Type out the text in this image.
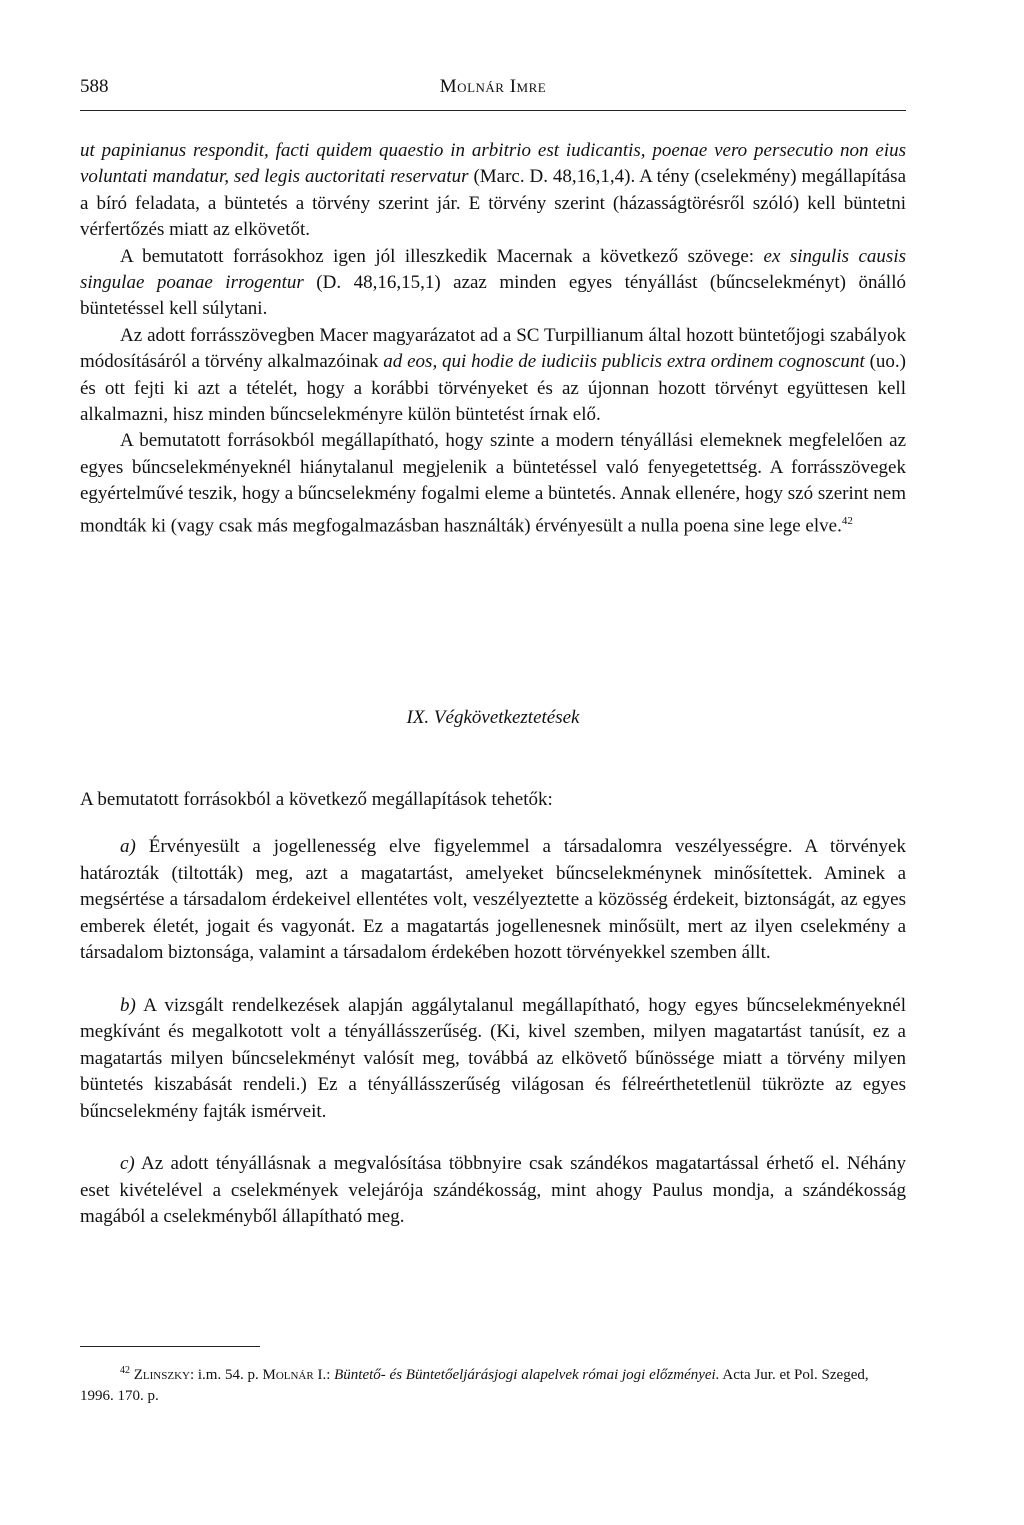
588	Molnár Imre

ut papinianus respondit, facti quidem quaestio in arbitrio est iudicantis, poenae vero persecutio non eius voluntati mandatur, sed legis auctoritati reservatur (Marc. D. 48,16,1,4). A tény (cselekmény) megállapítása a bíró feladata, a büntetés a törvény szerint jár. E törvény szerint (házasságtörésről szóló) kell büntetni vérfertőzés miatt az elkövetőt.

A bemutatott forrásokhoz igen jól illeszkedik Macernak a következő szövege: ex singulis causis singulae poanae irrogentur (D. 48,16,15,1) azaz minden egyes tényállást (bűncselekményt) önálló büntetéssel kell súlytani.

Az adott forrásszövegben Macer magyarázatot ad a SC Turpillianum által hozott büntetőjogi szabályok módosításáról a törvény alkalmazóinak ad eos, qui hodie de iudiciis publicis extra ordinem cognoscunt (uo.) és ott fejti ki azt a tételét, hogy a korábbi törvényeket és az újonnan hozott törvényt együttesen kell alkalmazni, hisz minden bűncselekményre külön büntetést írnak elő.

A bemutatott forrásokból megállapítható, hogy szinte a modern tényállási elemeknek megfelelően az egyes bűncselekményeknél hiánytalanul megjelenik a büntetéssel való fenyegetettség. A forrásszövegek egyértelművé teszik, hogy a bűncselekmény fogalmi eleme a büntetés. Annak ellenére, hogy szó szerint nem mondták ki (vagy csak más megfogalmazásban használták) érvényesült a nulla poena sine lege elve.$^{42}$

IX. Végkövetkeztetések
A bemutatott forrásokból a következő megállapítások tehetők:

a) Érvényesült a jogellenesség elve figyelemmel a társadalomra veszélyességre. A törvények határozták (tiltották) meg, azt a magatartást, amelyeket bűncselekménynek minősítettek. Aminek a megsértése a társadalom érdekeivel ellentétes volt, veszélyeztette a közösség érdekeit, biztonságát, az egyes emberek életét, jogait és vagyonát. Ez a magatartás jogellenesnek minősült, mert az ilyen cselekmény a társadalom biztonsága, valamint a társadalom érdekében hozott törvényekkel szemben állt.

b) A vizsgált rendelkezések alapján aggálytalanul megállapítható, hogy egyes bűncselekményeknél megkívánt és megalkotott volt a tényállásszerűség. (Ki, kivel szemben, milyen magatartást tanúsít, ez a magatartás milyen bűncselekményt valósít meg, továbbá az elkövető bűnössége miatt a törvény milyen büntetés kiszabását rendeli.) Ez a tényállásszerűség világosan és félreérthetetlenül tükrözte az egyes bűncselekmény fajták ismérveit.

c) Az adott tényállásnak a megvalósítása többnyire csak szándékos magatartással érhető el. Néhány eset kivételével a cselekmények velejárója szándékosság, mint ahogy Paulus mondja, a szándékosság magából a cselekményből állapítható meg.

$^{42}$ Zlinszky: i.m. 54. p. Molnár I.: Büntető- és Büntetőeljárásjogi alapelvek római jogi előzményei. Acta Jur. et Pol. Szeged, 1996. 170. p.
